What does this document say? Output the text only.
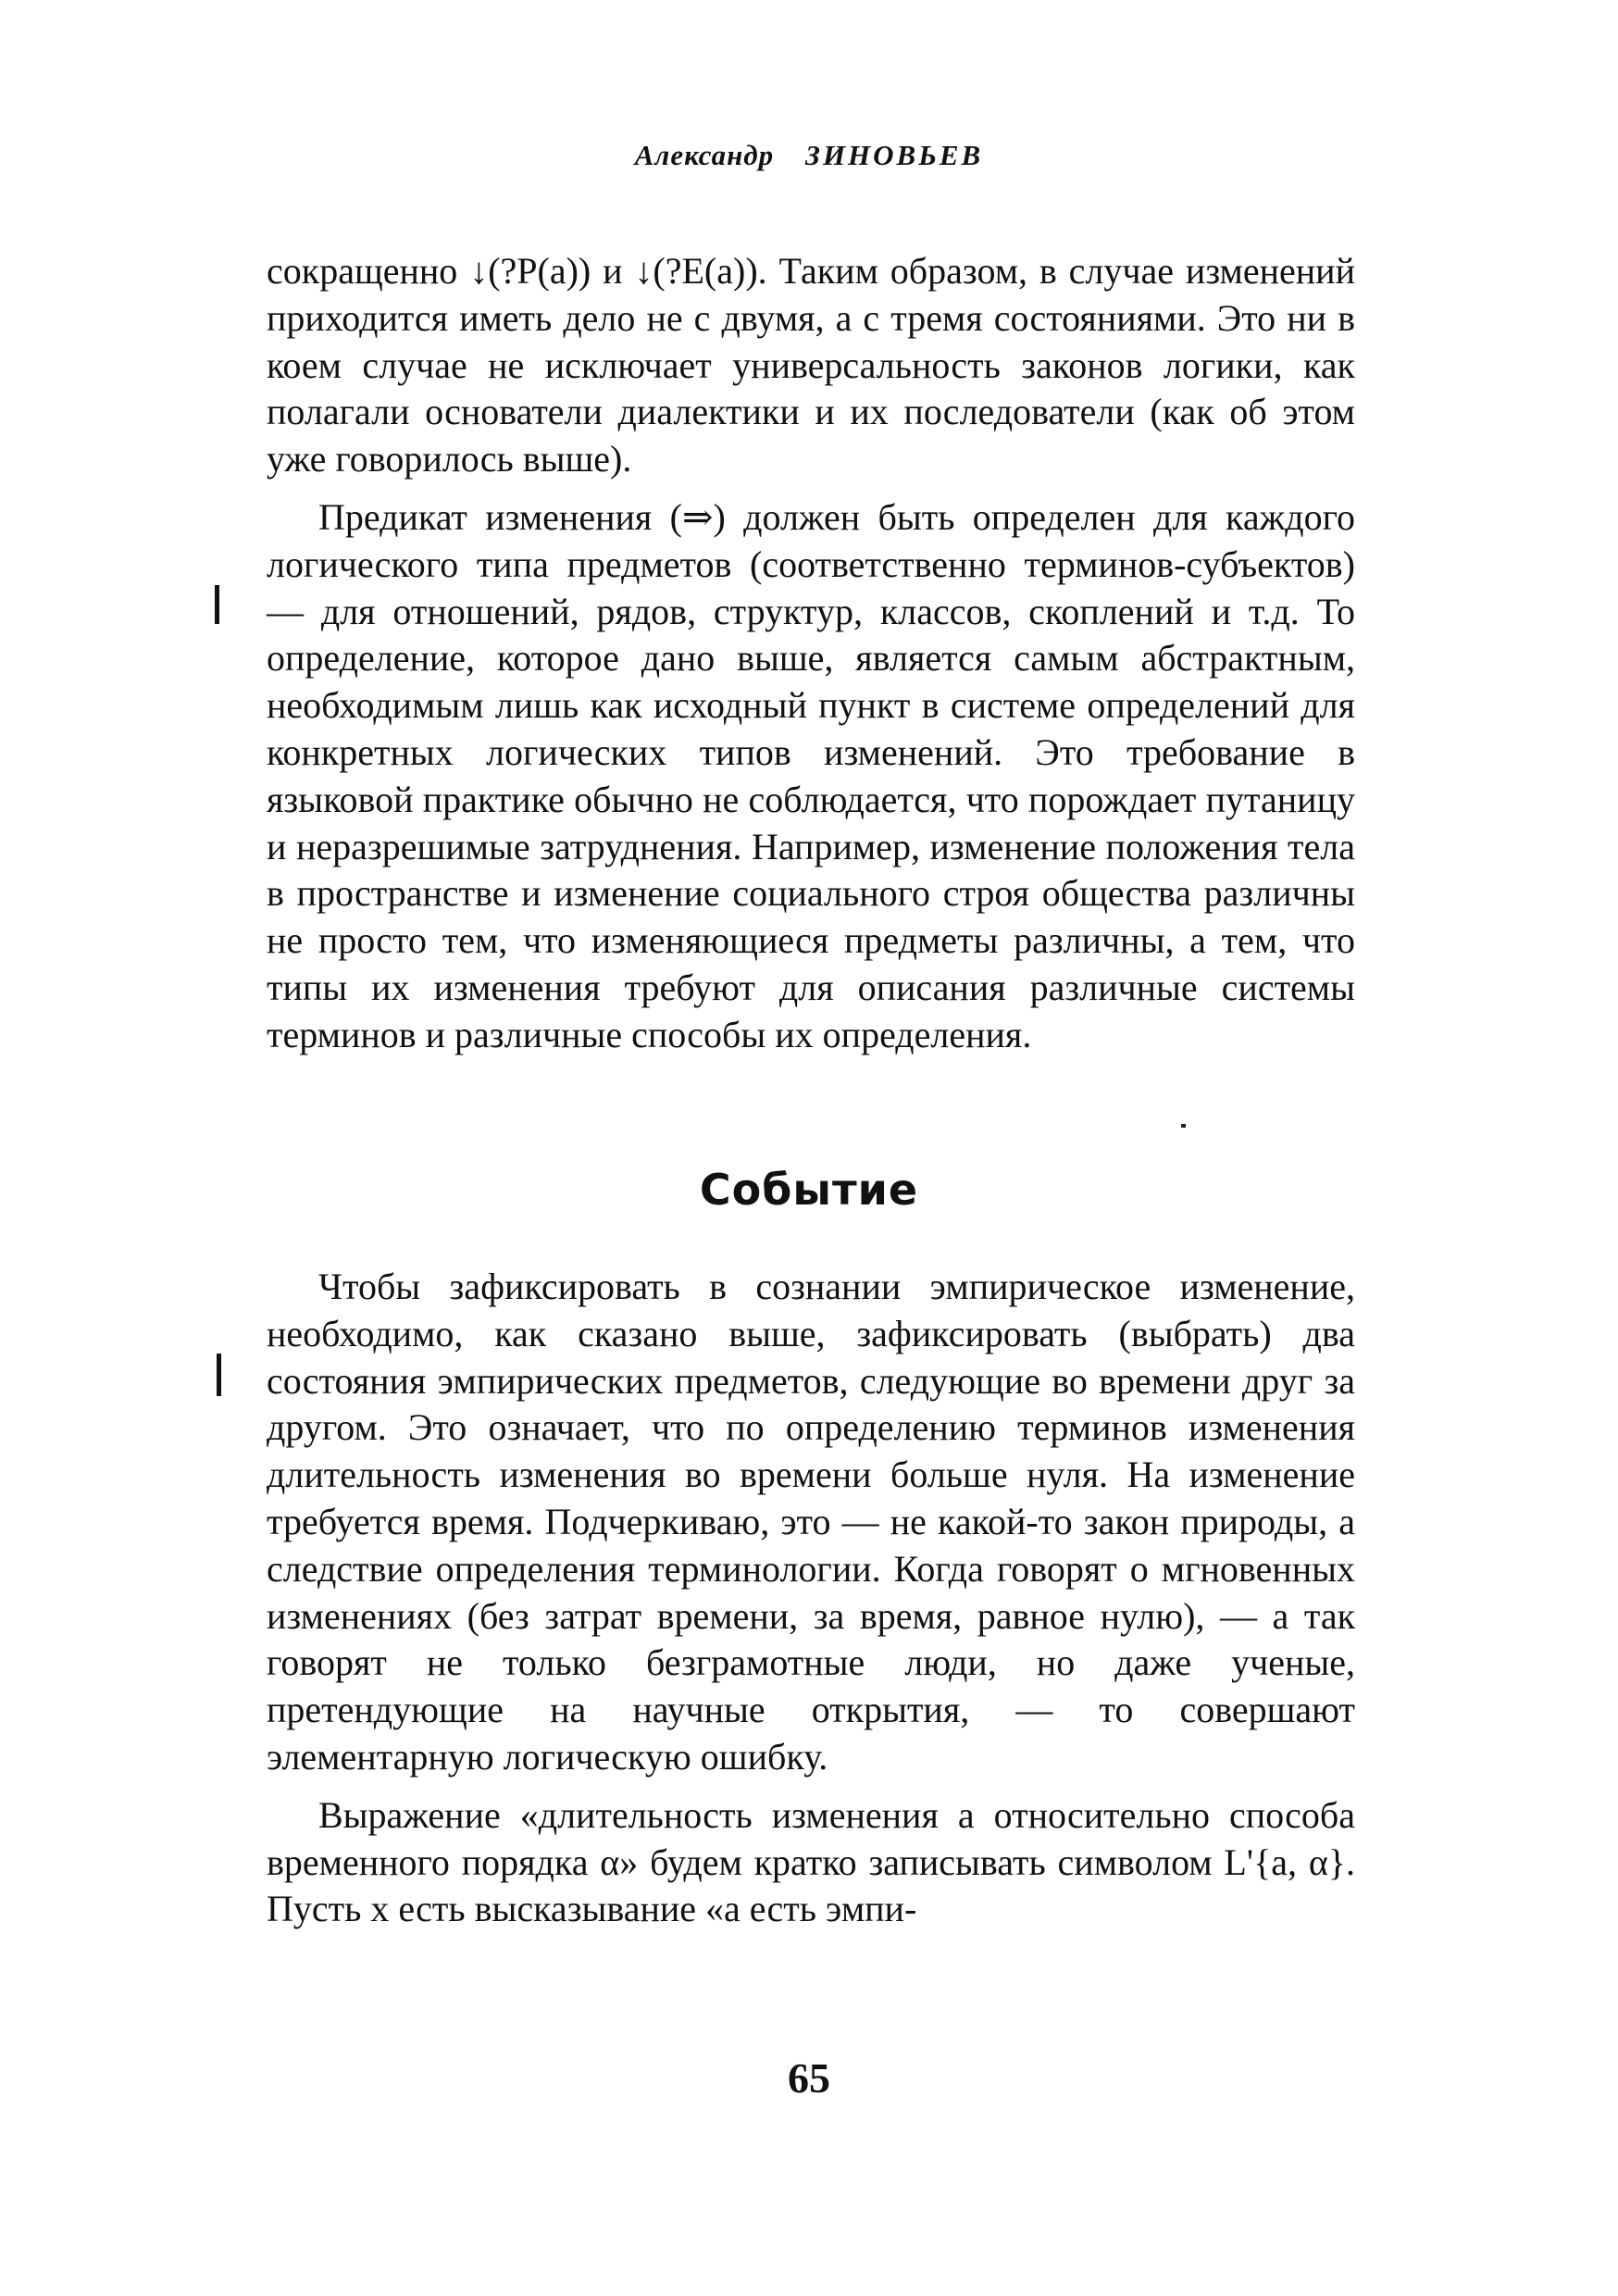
Александр ЗИНОВЬЕВ

сокращенно ↓(?P(a)) и ↓(?E(a)). Таким образом, в случае изменений приходится иметь дело не с двумя, а с тремя состояниями. Это ни в коем случае не исключает универсальность законов логики, как полагали основатели диалектики и их последователи (как об этом уже говорилось выше).

Предикат изменения (⇒) должен быть определен для каждого логического типа предметов (соответственно терминов-субъектов) — для отношений, рядов, структур, классов, скоплений и т.д. То определение, которое дано выше, является самым абстрактным, необходимым лишь как исходный пункт в системе определений для конкретных логических типов изменений. Это требование в языковой практике обычно не соблюдается, что порождает путаницу и неразрешимые затруднения. Например, изменение положения тела в пространстве и изменение социального строя общества различны не просто тем, что изменяющиеся предметы различны, а тем, что типы их изменения требуют для описания различные системы терминов и различные способы их определения.

Событие

Чтобы зафиксировать в сознании эмпирическое изменение, необходимо, как сказано выше, зафиксировать (выбрать) два состояния эмпирических предметов, следующие во времени друг за другом. Это означает, что по определению терминов изменения длительность изменения во времени больше нуля. На изменение требуется время. Подчеркиваю, это — не какой-то закон природы, а следствие определения терминологии. Когда говорят о мгновенных изменениях (без затрат времени, за время, равное нулю), — а так говорят не только безграмотные люди, но даже ученые, претендующие на научные открытия, — то совершают элементарную логическую ошибку.

Выражение «длительность изменения a относительно способа временного порядка α» будем кратко записывать символом L'{a, α}. Пусть x есть высказывание «a есть эмпи-

65
